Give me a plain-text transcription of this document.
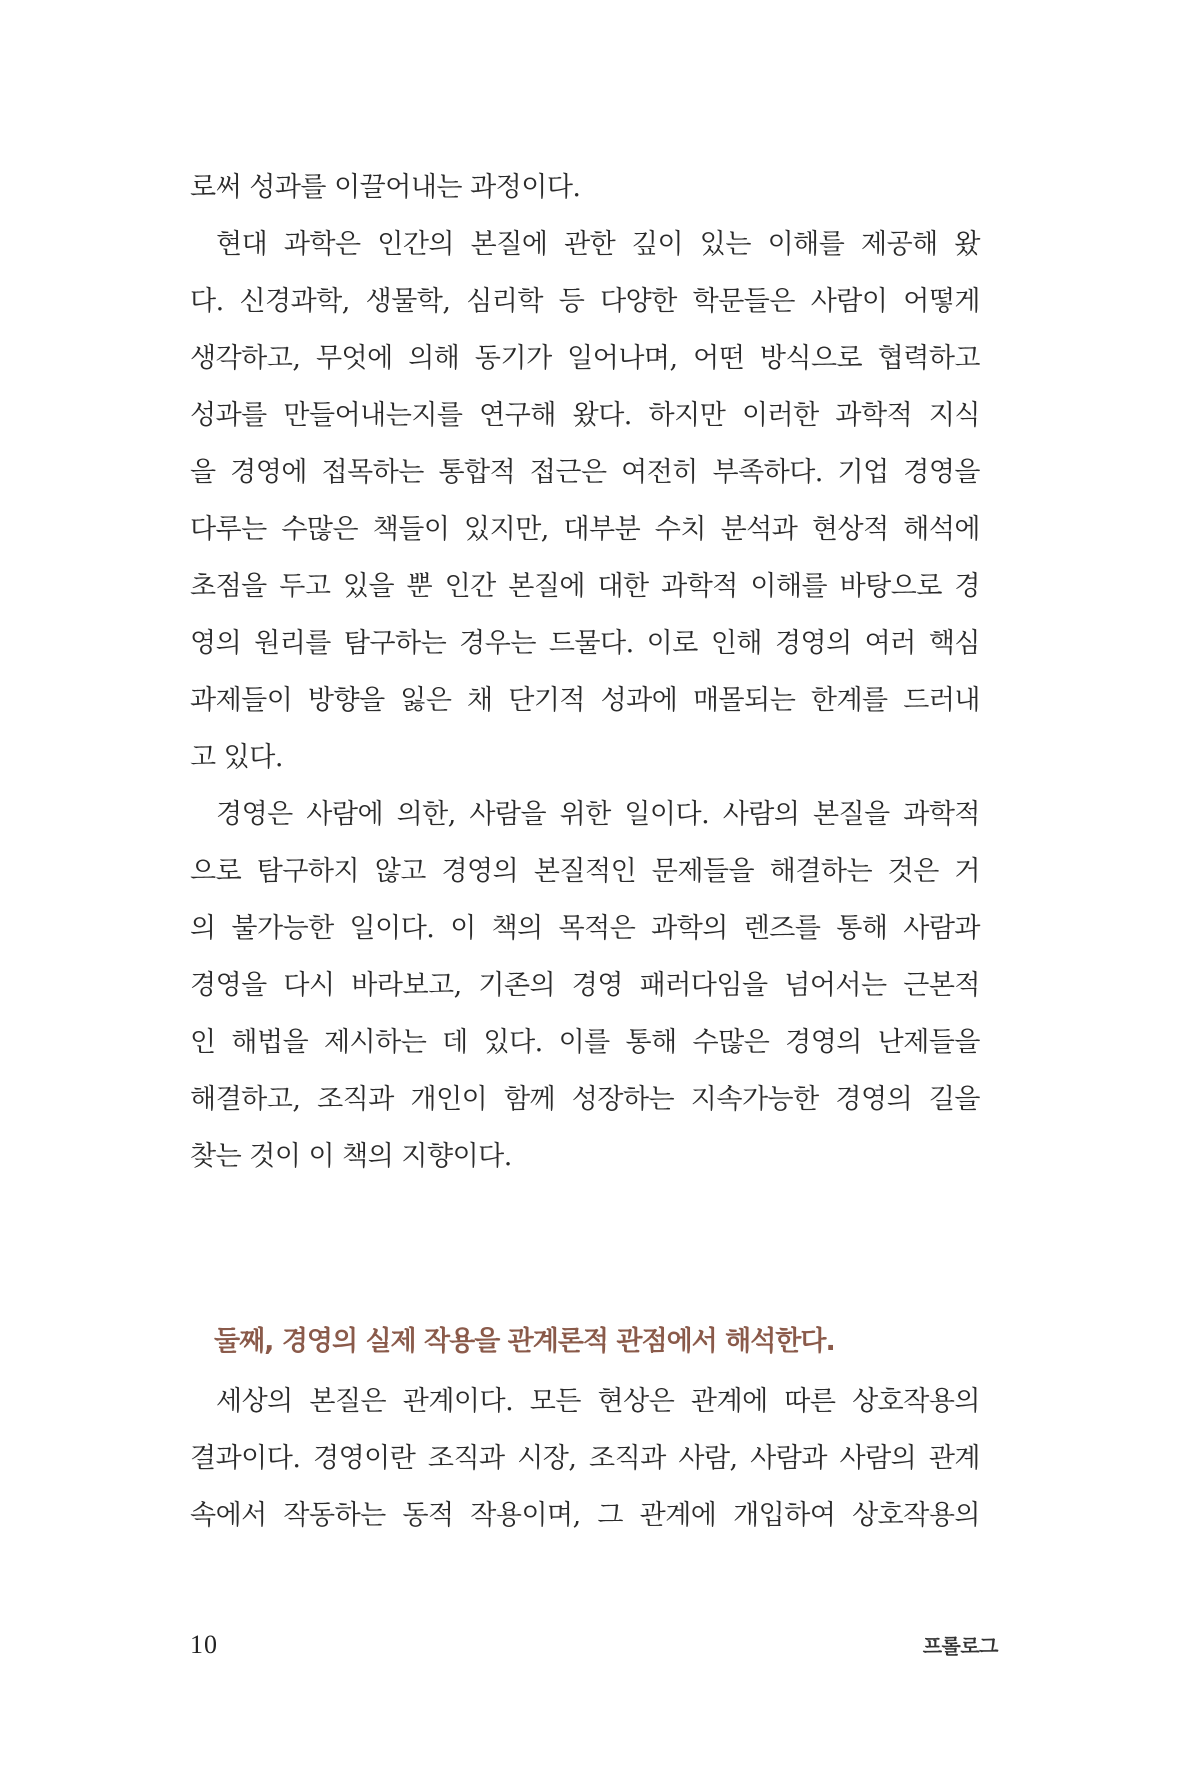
로써 성과를 이끌어내는 과정이다.
현대 과학은 인간의 본질에 관한 깊이 있는 이해를 제공해 왔
다. 신경과학, 생물학, 심리학 등 다양한 학문들은 사람이 어떻게
생각하고, 무엇에 의해 동기가 일어나며, 어떤 방식으로 협력하고
성과를 만들어내는지를 연구해 왔다. 하지만 이러한 과학적 지식
을 경영에 접목하는 통합적 접근은 여전히 부족하다. 기업 경영을
다루는 수많은 책들이 있지만, 대부분 수치 분석과 현상적 해석에
초점을 두고 있을 뿐 인간 본질에 대한 과학적 이해를 바탕으로 경
영의 원리를 탐구하는 경우는 드물다. 이로 인해 경영의 여러 핵심
과제들이 방향을 잃은 채 단기적 성과에 매몰되는 한계를 드러내
고 있다.
경영은 사람에 의한, 사람을 위한 일이다. 사람의 본질을 과학적
으로 탐구하지 않고 경영의 본질적인 문제들을 해결하는 것은 거
의 불가능한 일이다. 이 책의 목적은 과학의 렌즈를 통해 사람과
경영을 다시 바라보고, 기존의 경영 패러다임을 넘어서는 근본적
인 해법을 제시하는 데 있다. 이를 통해 수많은 경영의 난제들을
해결하고, 조직과 개인이 함께 성장하는 지속가능한 경영의 길을
찾는 것이 이 책의 지향이다.
둘째, 경영의 실제 작용을 관계론적 관점에서 해석한다.
세상의 본질은 관계이다. 모든 현상은 관계에 따른 상호작용의
결과이다. 경영이란 조직과 시장, 조직과 사람, 사람과 사람의 관계
속에서 작동하는 동적 작용이며, 그 관계에 개입하여 상호작용의
10	프롤로그
